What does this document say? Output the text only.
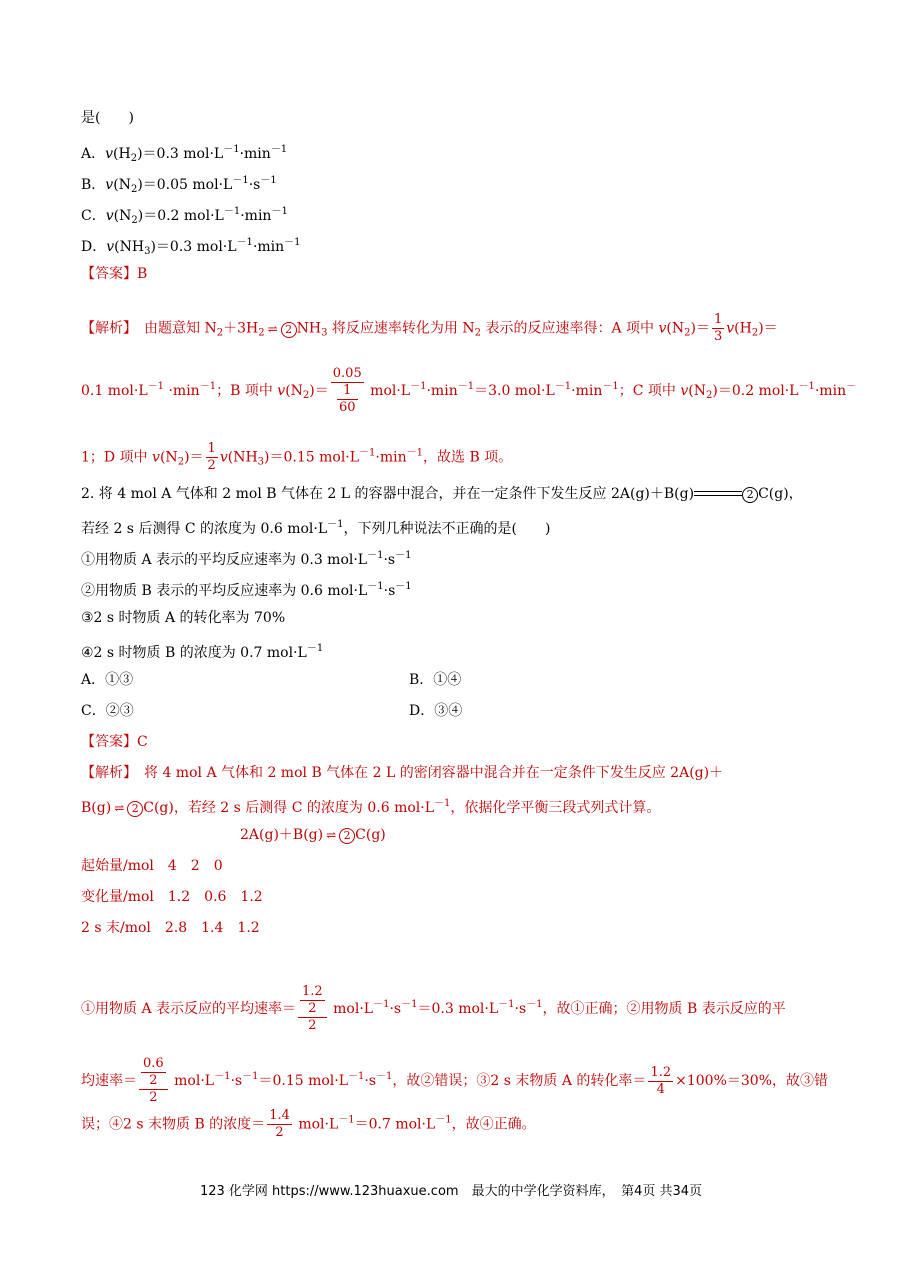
是(　　)
A．$v(H_2)=0.3$ $mol\cdot L^{-1}\cdot\min^{-1}$
B．$v(N_2)=0.05$ $mol\cdot L^{-1}\cdot s^{-1}$
C．$v(N_2)=0.2$ $mol\cdot L^{-1}\cdot\min^{-1}$
D．$v(NH_3)=0.3$ $mol\cdot L^{-1}\cdot\min^{-1}$
【答案】B
【解析】　 由题意知 $N_2+3H_2$ ⇌ 2 $NH_3$ 将反应速率转化为用 $N_2$ 表示的反应速率得：A 项中 $v(N_2)= \frac{1}{3} v(H_2)=$
0.1 $mol\cdot L^{-1} \cdot\min^{-1}$；B 项中 $v(N_2)= \frac{0.05}{\frac{1}{60}} mol\cdot L^{-1}\cdot\min^{-1}=3.0$ $mol\cdot L^{-1}\cdot\min^{-1}$；C 项中 $v(N_2)=0.2$ $mol\cdot L^{-1}\cdot\min^-$
1；D 项中 $v(N_2)= \frac{1}{2} v(NH_3)=0.15$ $mol\cdot L^{-1}\cdot\min^{-1}$，故选 B 项。
2. 将 4 mol A 气体和 2 mol B 气体在 2 L 的容器中混合，并在一定条件下发生反应 2A(g)＋B(g)	2 C(g)，
若经 2 s 后测得 C 的浓度为 0.6 $mol\cdot L^{-1}$，下列几种说法不正确的是(　　)
①用物质 A 表示的平均反应速率为 0.3 $mol\cdot L^{-1}\cdot s^{-1}$
②用物质 B 表示的平均反应速率为 0.6 $mol\cdot L^{-1}\cdot s^{-1}$
③2 s 时物质 A 的转化率为 70%
④2 s 时物质 B 的浓度为 0.7 $mol\cdot L^{-1}$
A．①③	B．①④
C．②③	D．③④
【答案】C
【解析】　 将 4 mol A 气体和 2 mol B 气体在 2 L 的密闭容器中混合并在一定条件下发生反应 2A(g)＋
B(g) ⇌ 2 C(g)，若经 2 s 后测得 C 的浓度为 0.6 $mol\cdot L^{-1}$，依据化学平衡三段式列式计算。
2A(g)＋B(g) ⇌ 2 C(g)
起始量/mol　4　2　0
变化量/mol　1.2　0.6　1.2
2 s 末/mol　2.8　1.4　1.2
①用物质 A 表示反应的平均速率＝ $\frac{\frac{1.2}{2}}{2} mol\cdot L^{-1}\cdot s^{-1}=0.3$ $mol\cdot L^{-1}\cdot s^{-1}$，故①正确；②用物质 B 表示反应的平
均速率＝ $\frac{\frac{0.6}{2}}{2} mol\cdot L^{-1}\cdot s^{-1}=0.15$ $mol\cdot L^{-1}\cdot s^{-1}$，故②错误；③2 s 末物质 A 的转化率＝ $\frac{1.2}{4} \times 100\%=30\%$，故③错
误；④2 s 末物质 B 的浓度＝ $\frac{1.4}{2} mol\cdot L^{-1}=0.7$ $mol\cdot L^{-1}$，故④正确。
123 化学网 https://www.123huaxue.com　最大的中学化学资料库，　第4页 共34页
